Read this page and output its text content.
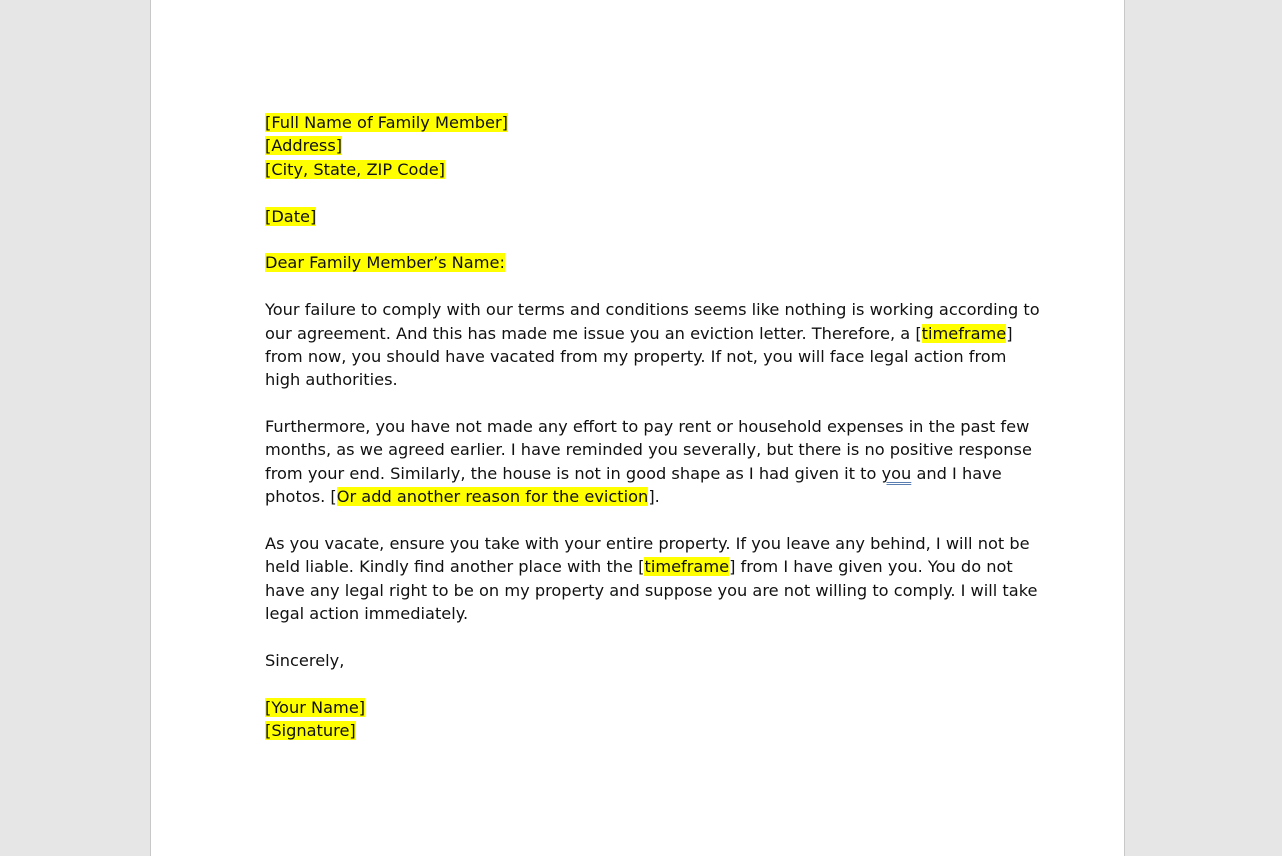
[Full Name of Family Member]
[Address]
[City, State, ZIP Code]
[Date]
Dear Family Member’s Name:
Your failure to comply with our terms and conditions seems like nothing is working according to
our agreement. And this has made me issue you an eviction letter. Therefore, a [timeframe]
from now, you should have vacated from my property. If not, you will face legal action from
high authorities.
Furthermore, you have not made any effort to pay rent or household expenses in the past few
months, as we agreed earlier. I have reminded you severally, but there is no positive response
from your end. Similarly, the house is not in good shape as I had given it to you and I have
photos. [Or add another reason for the eviction].
As you vacate, ensure you take with your entire property. If you leave any behind, I will not be
held liable. Kindly find another place with the [timeframe] from I have given you. You do not
have any legal right to be on my property and suppose you are not willing to comply. I will take
legal action immediately.
Sincerely,
[Your Name]
[Signature]
